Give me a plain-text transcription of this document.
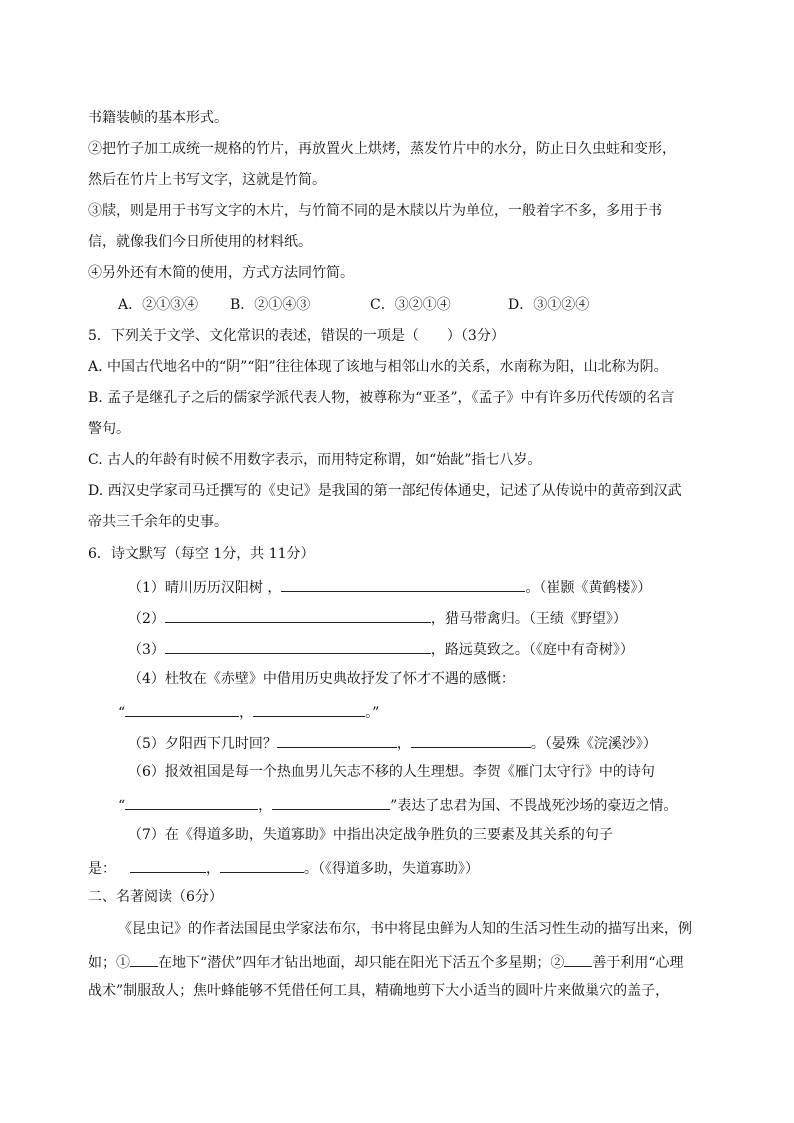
书籍装帧的基本形式。
②把竹子加工成统一规格的竹片，再放置火上烘烤，蒸发竹片中的水分，防止日久虫蛀和变形，
然后在竹片上书写文字，这就是竹简。
③牍，则是用于书写文字的木片，与竹简不同的是木牍以片为单位，一般着字不多，多用于书
信，就像我们今日所使用的材料纸。
④另外还有木简的使用，方式方法同竹简。
A．②①③④ B．②①④③	C．③②①④	D．③①②④
5．下列关于文学、文化常识的表述，错误的一项是（　　）（3分）
A. 中国古代地名中的“阴”“阳”往往体现了该地与相邻山水的关系，水南称为阳，山北称为阴。
B. 孟子是继孔子之后的儒家学派代表人物，被尊称为“亚圣”，《孟子》中有许多历代传颂的名言
警句。
C. 古人的年龄有时候不用数字表示，而用特定称谓，如“始龀”指七八岁。
D. 西汉史学家司马迁撰写的《史记》是我国的第一部纪传体通史，记述了从传说中的黄帝到汉武
帝共三千余年的史事。
6．诗文默写（每空 1分，共 11分）
（1）晴川历历汉阳树 ，	。（崔颢《黄鹤楼》）
（2）	，猎马带禽归。（王绩《野望》）
（3）	，路远莫致之。（《庭中有奇树》）
（4）杜牧在《赤壁》中借用历史典故抒发了怀才不遇的感慨：
“	，	。”
（5）夕阳西下几时回？	，	。（晏殊《浣溪沙》）
（6）报效祖国是每一个热血男儿矢志不移的人生理想。李贺《雁门太守行》中的诗句
“	，	”表达了忠君为国、不畏战死沙场的豪迈之情。
（7）在《得道多助，失道寡助》中指出决定战争胜负的三要素及其关系的句子
是：	，	。（《得道多助，失道寡助》）
二、名著阅读（6分）
《昆虫记》的作者法国昆虫学家法布尔，书中将昆虫鲜为人知的生活习性生动的描写出来，例
如；① 在地下“潜伏”四年才钻出地面，却只能在阳光下活五个多星期；② 善于利用“心理
战术”制服敌人；焦叶蜂能够不凭借任何工具，精确地剪下大小适当的圆叶片来做巢穴的盖子，
